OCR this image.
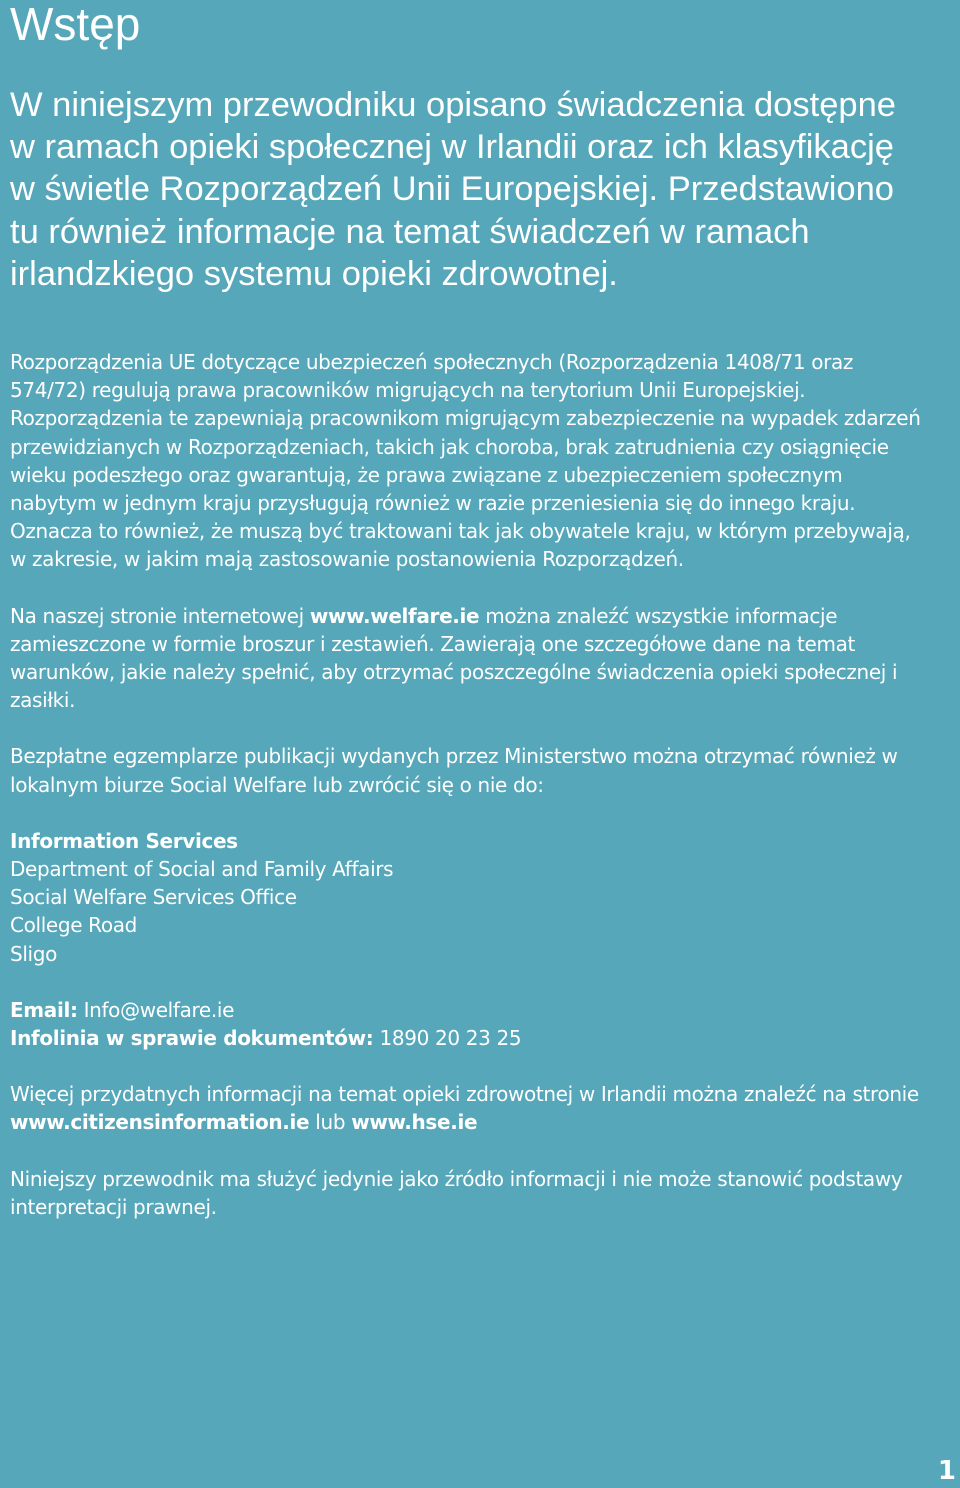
Wstęp

W niniejszym przewodniku opisano świadczenia dostępne w ramach opieki społecznej w Irlandii oraz ich klasyfikację w świetle Rozporządzeń Unii Europejskiej. Przedstawiono tu również informacje na temat świadczeń w ramach irlandzkiego systemu opieki zdrowotnej.

Rozporządzenia UE dotyczące ubezpieczeń społecznych (Rozporządzenia 1408/71 oraz 574/72) regulują prawa pracowników migrujących na terytorium Unii Europejskiej. Rozporządzenia te zapewniają pracownikom migrującym zabezpieczenie na wypadek zdarzeń przewidzianych w Rozporządzeniach, takich jak choroba, brak zatrudnienia czy osiągnięcie wieku podeszłego oraz gwarantują, że prawa związane z ubezpieczeniem społecznym nabytym w jednym kraju przysługują również w razie przeniesienia się do innego kraju. Oznacza to również, że muszą być traktowani tak jak obywatele kraju, w którym przebywają, w zakresie, w jakim mają zastosowanie postanowienia Rozporządzeń.

Na naszej stronie internetowej www.welfare.ie można znaleźć wszystkie informacje zamieszczone w formie broszur i zestawień. Zawierają one szczegółowe dane na temat warunków, jakie należy spełnić, aby otrzymać poszczególne świadczenia opieki społecznej i zasiłki.

Bezpłatne egzemplarze publikacji wydanych przez Ministerstwo można otrzymać również w lokalnym biurze Social Welfare lub zwrócić się o nie do:

Information Services
Department of Social and Family Affairs
Social Welfare Services Office
College Road
Sligo

Email: Info@welfare.ie
Infolinia w sprawie dokumentów: 1890 20 23 25

Więcej przydatnych informacji na temat opieki zdrowotnej w Irlandii można znaleźć na stronie www.citizensinformation.ie lub www.hse.ie

Niniejszy przewodnik ma służyć jedynie jako źródło informacji i nie może stanowić podstawy interpretacji prawnej.

1
